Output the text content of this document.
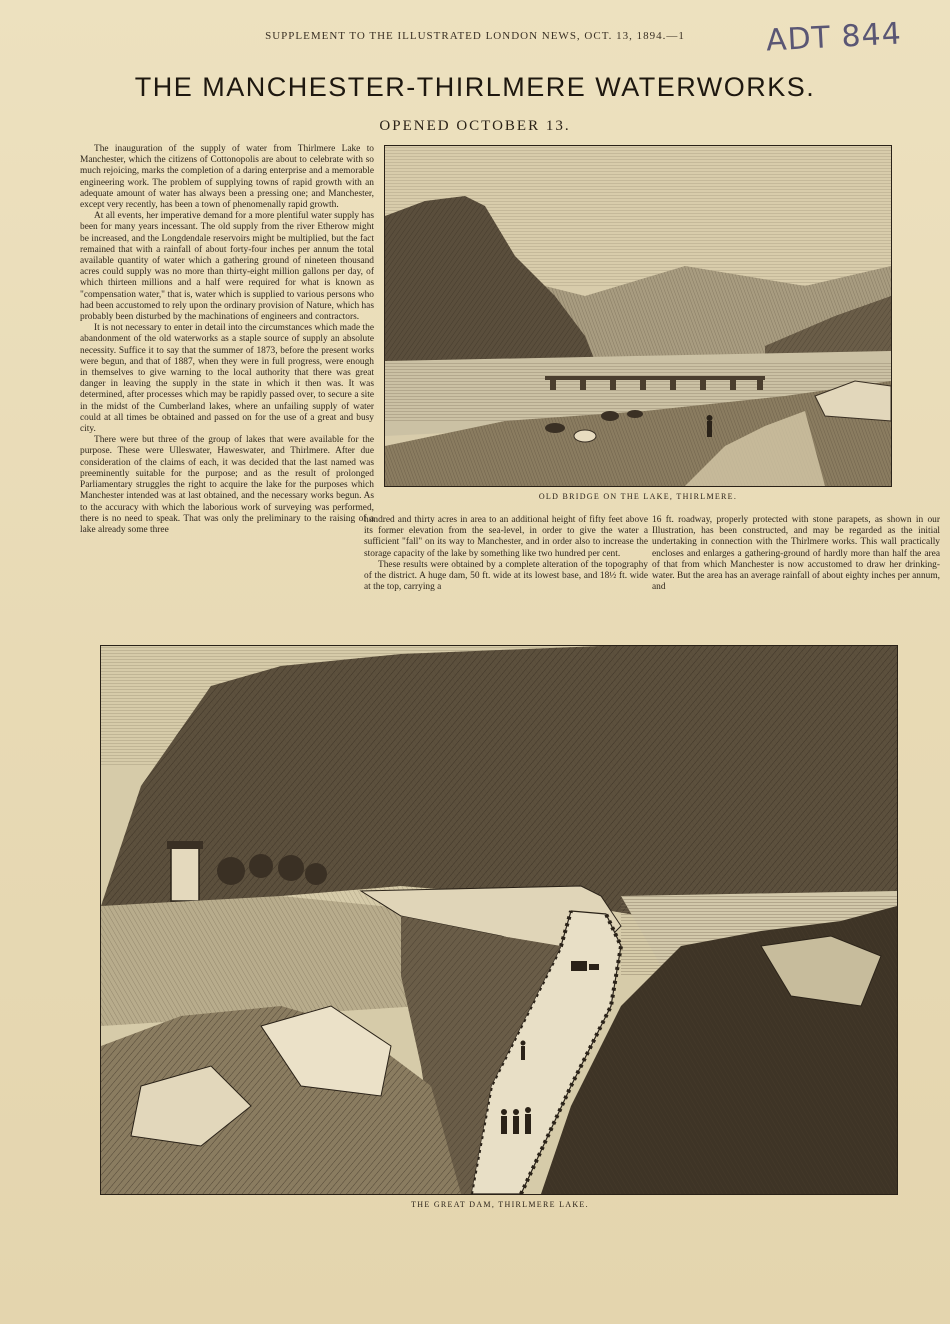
SUPPLEMENT TO THE ILLUSTRATED LONDON NEWS, OCT. 13, 1894.—1	ADT 844
THE MANCHESTER-THIRLMERE WATERWORKS.
OPENED OCTOBER 13.

The inauguration of the supply of water from Thirlmere Lake to Manchester, which the citizens of Cottonopolis are about to celebrate with so much rejoicing, marks the completion of a daring enterprise and a memorable engineering work. The problem of supplying towns of rapid growth with an adequate amount of water has always been a pressing one; and Manchester, except very recently, has been a town of phenomenally rapid growth.

At all events, her imperative demand for a more plentiful water supply has been for many years incessant. The old supply from the river Etherow might be increased, and the Longdendale reservoirs might be multiplied, but the fact remained that with a rainfall of about forty-four inches per annum the total available quantity of water which a gathering ground of nineteen thousand acres could supply was no more than thirty-eight million gallons per day, of which thirteen millions and a half were required for what is known as "compensation water," that is, water which is supplied to various persons who had been accustomed to rely upon the ordinary provision of Nature, which has probably been disturbed by the machinations of engineers and contractors.

It is not necessary to enter in detail into the circumstances which made the abandonment of the old waterworks as a staple source of supply an absolute necessity. Suffice it to say that the summer of 1873, before the present works were begun, and that of 1887, when they were in full progress, were enough in themselves to give warning to the local authority that there was great danger in leaving the supply in the state in which it then was. It was determined, after processes which may be rapidly passed over, to secure a site in the midst of the Cumberland lakes, where an unfailing supply of water could at all times be obtained and passed on for the use of a great and busy city.

There were but three of the group of lakes that were available for the purpose. These were Ulleswater, Haweswater, and Thirlmere. After due consideration of the claims of each, it was decided that the last named was preeminently suitable for the purpose; and as the result of prolonged Parliamentary struggles the right to acquire the lake for the purposes which Manchester intended was at last obtained, and the necessary works begun. As to the accuracy with which the laborious work of surveying was performed, there is no need to speak. That was only the preliminary to the raising of a lake already some three

OLD BRIDGE ON THE LAKE, THIRLMERE.

hundred and thirty acres in area to an additional height of fifty feet above its former elevation from the sea-level, in order to give the water a sufficient "fall" on its way to Manchester, and in order also to increase the storage capacity of the lake by something like two hundred per cent.

These results were obtained by a complete alteration of the topography of the district. A huge dam, 50 ft. wide at its lowest base, and 18½ ft. wide at the top, carrying a

16 ft. roadway, properly protected with stone parapets, as shown in our Illustration, has been constructed, and may be regarded as the initial undertaking in connection with the Thirlmere works. This wall practically encloses and enlarges a gathering-ground of hardly more than half the area of that from which Manchester is now accustomed to draw her drinking-water. But the area has an average rainfall of about eighty inches per annum, and

THE GREAT DAM, THIRLMERE LAKE.
